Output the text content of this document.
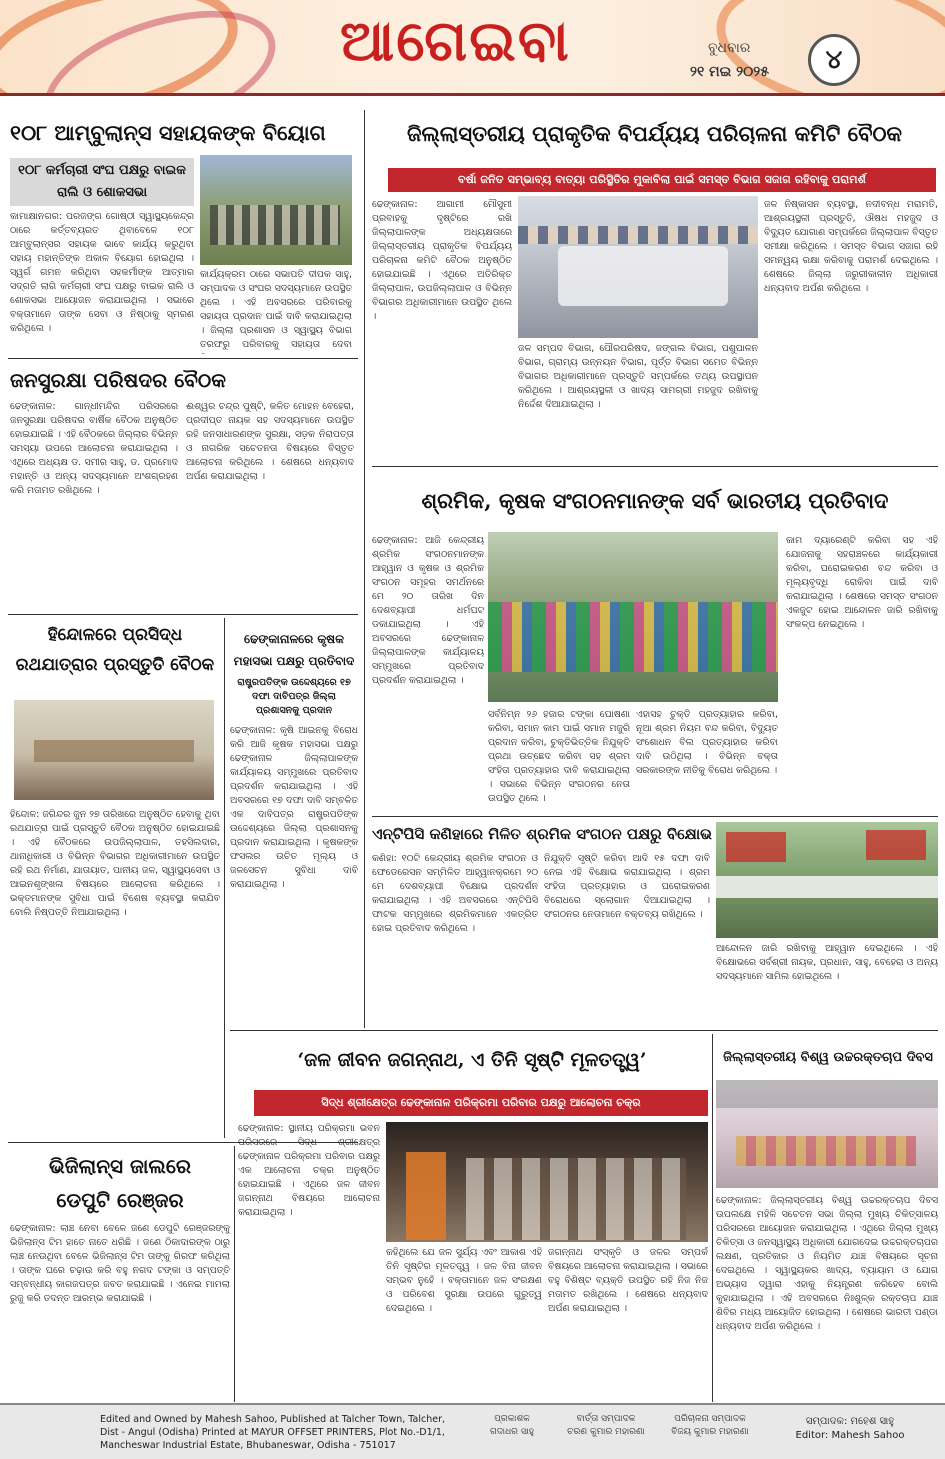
ଆଗେଇବା	ବୁଧବାର
୨୧ ମଇ ୨୦୨୫	୪
୧୦୮ ଆମ୍ବୁଲାନ୍ସ ସହାୟକଙ୍କ ବିୟୋଗ
୧୦୮ କର୍ମଚାରୀ ସଂଘ ପକ୍ଷରୁ ବାଇକ ରାଲି ଓ ଶୋକସଭା
କାମାକ୍ଷାନଗର: ପରଜଙ୍ଗ ଗୋଷ୍ଠୀ ସ୍ୱାସ୍ଥ୍ୟକେନ୍ଦ୍ର ଠାରେ କର୍ତ୍ତବ୍ୟରତ ଥିବାବେଳେ ୧୦୮ ଆମ୍ବୁଲାନ୍ସର ସହାୟକ ଭାବେ କାର୍ଯ୍ୟ କରୁଥିବା ସହାୟ ମହାନ୍ତିଙ୍କ ଅକାଳ ବିୟୋଗ ହୋଇଥିଲା । ସ୍ୱର୍ଗ ଗମନ କରିଥିବା ସହକର୍ମୀଙ୍କ ଆତ୍ମାର ସଦ୍ଗତି ଲାଗି କର୍ମଚାରୀ ସଂଘ ପକ୍ଷରୁ ବାଇକ ରାଲି ଓ ଶୋକସଭା ଆୟୋଜନ କରାଯାଇଥିଲା । ସଭାରେ ବକ୍ତାମାନେ ତାଙ୍କ ସେବା ଓ ନିଷ୍ଠାକୁ ସ୍ମରଣ କରିଥିଲେ ।
କାର୍ଯ୍ୟକ୍ରମ ଠାରେ ସଭାପତି ଦୀପକ ସାହୁ, ସମ୍ପାଦକ ଓ ସଂଘର ସଦସ୍ୟମାନେ ଉପସ୍ଥିତ ଥିଲେ । ଏହି ଅବସରରେ ପରିବାରକୁ ସହାୟତା ପ୍ରଦାନ ପାଇଁ ଦାବି କରାଯାଇଥିଲା । ଜିଲ୍ଲା ପ୍ରଶାସନ ଓ ସ୍ୱାସ୍ଥ୍ୟ ବିଭାଗ ତରଫରୁ ପରିବାରକୁ ସହାୟତା ଦେବା
ଜନସୁରକ୍ଷା ପରିଷଦର ବୈଠକ
ଢେଙ୍କାନାଳ: ଗାନ୍ଧୀମନ୍ଦିର ପରିସରରେ ଜନସୁରକ୍ଷା ପରିଷଦର ବାର୍ଷିକ ବୈଠକ ଅନୁଷ୍ଠିତ ହୋଇଯାଇଛି । ଏହି ବୈଠକରେ ଜିଲ୍ଲାର ବିଭିନ୍ନ ସମସ୍ୟା ଉପରେ ଆଲୋଚନା କରାଯାଇଥିଲା । ଏଥିରେ ଅଧ୍ୟକ୍ଷ ଡ. ସମୀର ସାହୁ, ଡ. ପ୍ରମୋଦ ମହାନ୍ତି ଓ ଅନ୍ୟ ସଦସ୍ୟମାନେ ଅଂଶଗ୍ରହଣ କରି ମତାମତ ରଖିଥିଲେ ।
ଈଶ୍ୱର ଚନ୍ଦ୍ର ପୁଷ୍ଟି, କଳିତ ମୋହନ ବେହେରା, ପ୍ରଦୀପ୍ତ ନାୟକ ସହ ସଦସ୍ୟମାନେ ଉପସ୍ଥିତ ରହି ଜନସାଧାରଣଙ୍କ ସୁରକ୍ଷା, ସଡ଼କ ନିରାପତ୍ତା ଓ ନାଗରିକ ସଚେତନତା ବିଷୟରେ ବିସ୍ତୃତ ଆଲୋଚନା କରିଥିଲେ । ଶେଷରେ ଧନ୍ୟବାଦ ଅର୍ପଣ କରାଯାଇଥିଲା ।
ହିନ୍ଦୋଳରେ ପ୍ରସିଦ୍ଧ
ରଥଯାତ୍ରାର ପ୍ରସ୍ତୁତି ବୈଠକ
ହିନ୍ଦୋଳ: ଜଗିନ୍ଦର ଜୁନ ୨୭ ତାରିଖରେ ଅନୁଷ୍ଠିତ ହେବାକୁ ଥିବା ରଥଯାତ୍ରା ପାଇଁ ପ୍ରସ୍ତୁତି ବୈଠକ ଅନୁଷ୍ଠିତ ହୋଇଯାଇଛି । ଏହି ବୈଠକରେ ଉପଜିଲ୍ଲାପାଳ, ତହସିଲଦାର, ଥାନାଧିକାରୀ ଓ ବିଭିନ୍ନ ବିଭାଗର ଅଧିକାରୀମାନେ ଉପସ୍ଥିତ ରହି ରଥ ନିର୍ମାଣ, ଯାତାୟାତ, ପାନୀୟ ଜଳ, ସ୍ୱାସ୍ଥ୍ୟସେବା ଓ ଆଇନଶୃଙ୍ଖଳା ବିଷୟରେ ଆଲୋଚନା କରିଥିଲେ । ଭକ୍ତମାନଙ୍କ ସୁବିଧା ପାଇଁ ବିଶେଷ ବ୍ୟବସ୍ଥା କରାଯିବ ବୋଲି ନିଷ୍ପତ୍ତି ନିଆଯାଇଥିଲା ।
ଢେଙ୍କାନାଳରେ କୃଷକ
ମହାସଭା ପକ୍ଷରୁ ପ୍ରତିବାଦ
ରାଷ୍ଟ୍ରପତିଙ୍କ ଉଦ୍ଦେଶ୍ୟରେ ୧୭ ଦଫା ଦାବିପତ୍ର ଜିଲ୍ଲା ପ୍ରଶାସନକୁ ପ୍ରଦାନ
ଢେଙ୍କାନାଳ: କୃଷି ଆଇନକୁ ବିରୋଧ କରି ଆଜି କୃଷକ ମହାସଭା ପକ୍ଷରୁ ଢେଙ୍କାନାଳ ଜିଲ୍ଲାପାଳଙ୍କ କାର୍ଯ୍ୟାଳୟ ସମ୍ମୁଖରେ ପ୍ରତିବାଦ ପ୍ରଦର୍ଶନ କରାଯାଇଥିଲା । ଏହି ଅବସରରେ ୧୭ ଦଫା ଦାବି ସମ୍ବଳିତ ଏକ ଦାବିପତ୍ର ରାଷ୍ଟ୍ରପତିଙ୍କ ଉଦ୍ଦେଶ୍ୟରେ ଜିଲ୍ଲା ପ୍ରଶାସନକୁ ପ୍ରଦାନ କରାଯାଇଥିଲା । କୃଷକଙ୍କ ଫସଲର ଉଚିତ ମୂଲ୍ୟ ଓ ଜଳସେଚନ ସୁବିଧା ଦାବି କରାଯାଇଥିଲା ।
ଭିଜିଲାନ୍ସ ଜାଲରେ
ଡେପୁଟି ରେଞ୍ଜର
ଢେଙ୍କାନାଳ: ଲାଞ୍ଚ ନେବା ବେଳେ ଜଣେ ଡେପୁଟି ରେଞ୍ଜରଙ୍କୁ ଭିଜିଲାନ୍ସ ଟିମ ହାତେ ନାତେ ଧରିଛି । ଜଣେ ଠିକାଦାରଙ୍କ ଠାରୁ ଲାଞ୍ଚ ନେଉଥିବା ବେଳେ ଭିଜିଲାନ୍ସ ଟିମ ତାଙ୍କୁ ଗିରଫ କରିଥିଲା । ତାଙ୍କ ଘରେ ଚଢ଼ାଉ କରି ବହୁ ନଗଦ ଟଙ୍କା ଓ ସମ୍ପତ୍ତି ସମ୍ବନ୍ଧୀୟ କାଗଜପତ୍ର ଜବତ କରାଯାଇଛି । ଏନେଇ ମାମଲା ରୁଜୁ କରି ତଦନ୍ତ ଆରମ୍ଭ କରାଯାଇଛି ।
ଜିଲ୍ଲାସ୍ତରୀୟ ପ୍ରାକୃତିକ ବିପର୍ଯ୍ୟୟ ପରିଚାଳନା କମିଟି ବୈଠକ
ବର୍ଷା ଜନିତ ସମ୍ଭାବ୍ୟ ବାତ୍ୟା ପରିସ୍ଥିତିର ମୁକାବିଲା ପାଇଁ ସମସ୍ତ ବିଭାଗ ସଜାଗ ରହିବାକୁ ପରାମର୍ଶ
ଢେଙ୍କାନାଳ: ଆଗାମୀ ମୌସୁମୀ ପ୍ରବାହକୁ ଦୃଷ୍ଟିରେ ରଖି ଜିଲ୍ଲାପାଳଙ୍କ ଅଧ୍ୟକ୍ଷତାରେ ଜିଲ୍ଲାସ୍ତରୀୟ ପ୍ରାକୃତିକ ବିପର୍ଯ୍ୟୟ ପରିଚାଳନା କମିଟି ବୈଠକ ଅନୁଷ୍ଠିତ ହୋଇଯାଇଛି । ଏଥିରେ ଅତିରିକ୍ତ ଜିଲ୍ଲାପାଳ, ଉପଜିଲ୍ଲାପାଳ ଓ ବିଭିନ୍ନ ବିଭାଗର ଅଧିକାରୀମାନେ ଉପସ୍ଥିତ ଥିଲେ ।
ଜଳ ସମ୍ପଦ ବିଭାଗ, ପୌରପରିଷଦ, ଜଙ୍ଗଲ ବିଭାଗ, ପଶୁପାଳନ ବିଭାଗ, ଗ୍ରାମ୍ୟ ଉନ୍ନୟନ ବିଭାଗ, ପୂର୍ତ୍ତ ବିଭାଗ ସମେତ ବିଭିନ୍ନ ବିଭାଗର ଅଧିକାରୀମାନେ ପ୍ରସ୍ତୁତି ସମ୍ପର୍କରେ ତଥ୍ୟ ଉପସ୍ଥାପନ କରିଥିଲେ । ଆଶ୍ରୟସ୍ଥଳୀ ଓ ଖାଦ୍ୟ ସାମଗ୍ରୀ ମହଜୁଦ ରଖିବାକୁ ନିର୍ଦ୍ଦେଶ ଦିଆଯାଇଥିଲା ।
ଜଳ ନିଷ୍କାସନ ବ୍ୟବସ୍ଥା, ନଦୀବନ୍ଧ ମରାମତି, ଆଶ୍ରୟସ୍ଥଳୀ ପ୍ରସ୍ତୁତି, ଔଷଧ ମହଜୁଦ ଓ ବିଦ୍ୟୁତ ଯୋଗାଣ ସମ୍ପର୍କରେ ଜିଲ୍ଲାପାଳ ବିସ୍ତୃତ ସମୀକ୍ଷା କରିଥିଲେ । ସମସ୍ତ ବିଭାଗ ସଜାଗ ରହି ସମନ୍ୱୟ ରକ୍ଷା କରିବାକୁ ପରାମର୍ଶ ଦେଇଥିଲେ । ଶେଷରେ ଜିଲ୍ଲା ଜରୁରୀକାଳୀନ ଅଧିକାରୀ ଧନ୍ୟବାଦ ଅର୍ପଣ କରିଥିଲେ ।
ଶ୍ରମିକ, କୃଷକ ସଂଗଠନମାନଙ୍କ ସର୍ବ ଭାରତୀୟ ପ୍ରତିବାଦ
ଢେଙ୍କାନାଳ: ଆଜି କେନ୍ଦ୍ରୀୟ ଶ୍ରମିକ ସଂଗଠନମାନଙ୍କ ଆହ୍ୱାନ ଓ କୃଷକ ଓ ଶ୍ରମିକ ସଂଗଠନ ସମୂହର ସମର୍ଥନରେ ମେ ୨୦ ତାରିଖ ଦିନ ଦେଶବ୍ୟାପୀ ଧର୍ମଘଟ ଡକାଯାଇଥିଲା । ଏହି ଅବସରରେ ଢେଙ୍କାନାଳ ଜିଲ୍ଲାପାଳଙ୍କ କାର୍ଯ୍ୟାଳୟ ସମ୍ମୁଖରେ ପ୍ରତିବାଦ ପ୍ରଦର୍ଶନ କରାଯାଇଥିଲା ।
ସର୍ବନିମ୍ନ ୨୬ ହଜାର ଟଙ୍କା ଘୋଷଣା କରିବା, ସମାନ କାମ ପାଇଁ ସମାନ ମଜୁରି ପ୍ରଦାନ କରିବା, ଚୁକ୍ତିଭିତ୍ତିକ ନିଯୁକ୍ତି ପ୍ରଥା ଉଚ୍ଛେଦ କରିବା ସହ ଶ୍ରମ ସଂହିତା ପ୍ରତ୍ୟାହାର ଦାବି କରାଯାଇଥିଲା । ସଭାରେ ବିଭିନ୍ନ ସଂଗଠନର ନେତା ଉପସ୍ଥିତ ଥିଲେ ।
ଏହାସହ ଚୁକ୍ତି ପ୍ରତ୍ୟାହାର କରିବା, ନୂଆ ଶ୍ରମ ନିୟମ ବନ୍ଦ କରିବା, ବିଦ୍ୟୁତ ସଂଶୋଧନ ବିଲ ପ୍ରତ୍ୟାହାର କରିବା ଦାବି ଉଠିଥିଲା । ବିଭିନ୍ନ ବକ୍ତା ସରକାରଙ୍କ ନୀତିକୁ ବିରୋଧ କରିଥିଲେ ।
କାମ ଦ୍ୟାରେଣ୍ଟି କରିବା ସହ ଏହି ଯୋଜନାକୁ ସହରାଞ୍ଚଳରେ କାର୍ଯ୍ୟକାରୀ କରିବା, ଘରୋଇକରଣ ବନ୍ଦ କରିବା ଓ ମୂଲ୍ୟବୃଦ୍ଧି ରୋକିବା ପାଇଁ ଦାବି କରାଯାଇଥିଲା । ଶେଷରେ ସମସ୍ତ ସଂଗଠନ ଏକଜୁଟ ହୋଇ ଆନ୍ଦୋଳନ ଜାରି ରଖିବାକୁ ସଂକଳ୍ପ ନେଇଥିଲେ ।
ଏନ୍‌ଟିପିସି କଣିହାରେ ମିଳିତ ଶ୍ରମିକ ସଂଗଠନ ପକ୍ଷରୁ ବିକ୍ଷୋଭ
କଣିହା: ୧୦ଟି କେନ୍ଦ୍ରୀୟ ଶ୍ରମିକ ସଂଗଠନ ଓ ଫେଡେରେସନ ସମ୍ମିଳିତ ଆହ୍ୱାନକ୍ରମେ ୨୦ ମେ ଦେଶବ୍ୟାପୀ ବିକ୍ଷୋଭ ପ୍ରଦର୍ଶନ କରାଯାଇଥିଲା । ଏହି ଅବସରରେ ଏନ୍‌ଟିପିସି ଫାଟକ ସମ୍ମୁଖରେ ଶ୍ରମିକମାନେ ଏକତ୍ରିତ ହୋଇ ପ୍ରତିବାଦ କରିଥିଲେ ।
ନିଯୁକ୍ତି ସୃଷ୍ଟି କରିବା ଆଦି ୧୫ ଦଫା ଦାବି ନେଇ ଏହି ବିକ୍ଷୋଭ କରାଯାଇଥିଲା । ଶ୍ରମ ସଂହିତା ପ୍ରତ୍ୟାହାର ଓ ଘରୋଇକରଣ ବିରୋଧରେ ସ୍ଲୋଗାନ ଦିଆଯାଇଥିଲା । ସଂଗଠନର ନେତାମାନେ ବକ୍ତବ୍ୟ ରଖିଥିଲେ ।
ଆନ୍ଦୋଳନ ଜାରି ରଖିବାକୁ ଆହ୍ୱାନ ଦେଇଥିଲେ । ଏହି ବିକ୍ଷୋଭରେ ସର୍ବଶ୍ରୀ ନାୟକ, ପ୍ରଧାନ, ସାହୁ, ବେହେରା ଓ ଅନ୍ୟ ସଦସ୍ୟମାନେ ସାମିଲ ହୋଇଥିଲେ ।
‘ଜଳ ଜୀବନ ଜଗନ୍ନାଥ, ଏ ତିନି ସୃଷ୍ଟି ମୂଳତତ୍ତ୍ୱ’
ସିଦ୍ଧ ଶ୍ରୀକ୍ଷେତ୍ର ଢେଙ୍କାନାଳ ପରିକ୍ରମା ପରିବାର ପକ୍ଷରୁ ଆଲୋଚନା ଚକ୍ର
ଢେଙ୍କାନାଳ: ସ୍ଥାନୀୟ ପରିକ୍ରମା ଭବନ ପରିସରରେ ସିଦ୍ଧ ଶ୍ରୀକ୍ଷେତ୍ର ଢେଙ୍କାନାଳ ପରିକ୍ରମା ପରିବାର ପକ୍ଷରୁ ଏକ ଆଲୋଚନା ଚକ୍ର ଅନୁଷ୍ଠିତ ହୋଇଯାଇଛି । ଏଥିରେ ଜଳ ଜୀବନ ଜଗନ୍ନାଥ ବିଷୟରେ ଆଲୋଚନା କରାଯାଇଥିଲା ।
କହିଥିଲେ ଯେ ଜଳ ସୁର୍ଯ୍ୟ ଏବଂ ଆକାଶ ଏହି ତିନି ସୃଷ୍ଟିର ମୂଳତତ୍ତ୍ୱ । ଜଳ ବିନା ଜୀବନ ସମ୍ଭବ ନୁହେଁ । ବକ୍ତାମାନେ ଜଳ ସଂରକ୍ଷଣ ଓ ପରିବେଶ ସୁରକ୍ଷା ଉପରେ ଗୁରୁତ୍ୱ ଦେଇଥିଲେ ।
ଜଗନ୍ନାଥ ସଂସ୍କୃତି ଓ ଜଳର ସମ୍ପର୍କ ବିଷୟରେ ଆଲୋଚନା କରାଯାଇଥିଲା । ସଭାରେ ବହୁ ବିଶିଷ୍ଟ ବ୍ୟକ୍ତି ଉପସ୍ଥିତ ରହି ନିଜ ନିଜ ମତାମତ ରଖିଥିଲେ । ଶେଷରେ ଧନ୍ୟବାଦ ଅର୍ପଣ କରାଯାଇଥିଲା ।
ଜିଲ୍ଲାସ୍ତରୀୟ ବିଶ୍ୱ ଉଚ୍ଚରକ୍ତଚାପ ଦିବସ
ଢେଙ୍କାନାଳ: ଜିଲ୍ଲାସ୍ତରୀୟ ବିଶ୍ୱ ଉଚ୍ଚରକ୍ତଚାପ ଦିବସ ଉପଲକ୍ଷେ ମହିଳି ସଚେତନ ସଭା ଜିଲ୍ଲା ମୁଖ୍ୟ ଚିକିତ୍ସାଳୟ ପରିସରରେ ଆୟୋଜନ କରାଯାଇଥିଲା । ଏଥିରେ ଜିଲ୍ଲା ମୁଖ୍ୟ ଚିକିତ୍ସା ଓ ଜନସ୍ୱାସ୍ଥ୍ୟ ଅଧିକାରୀ ଯୋଗଦେଇ ଉଚ୍ଚରକ୍ତଚାପର ଲକ୍ଷଣ, ପ୍ରତିକାର ଓ ନିୟମିତ ଯାଞ୍ଚ ବିଷୟରେ ସୂଚନା ଦେଇଥିଲେ । ସ୍ୱାସ୍ଥ୍ୟକର ଖାଦ୍ୟ, ବ୍ୟାୟାମ ଓ ଯୋଗ ଅଭ୍ୟାସ ଦ୍ୱାରା ଏହାକୁ ନିୟନ୍ତ୍ରଣ କରିହେବ ବୋଲି କୁହାଯାଇଥିଲା । ଏହି ଅବସରରେ ନିଃଶୁଳ୍କ ରକ୍ତଚାପ ଯାଞ୍ଚ ଶିବିର ମଧ୍ୟ ଆୟୋଜିତ ହୋଇଥିଲା । ଶେଷରେ ଭାରତୀ ପଣ୍ଡା ଧନ୍ୟବାଦ ଅର୍ପଣ କରିଥିଲେ ।
Edited and Owned by Mahesh Sahoo, Published at Talcher Town, Talcher,
Dist - Angul (Odisha) Printed at MAYUR OFFSET PRINTERS, Plot No.-D1/1,
Mancheswar Industrial Estate, Bhubaneswar, Odisha - 751017
ପ୍ରକାଶକ
ଗଦାଧର ସାହୁ
ବାର୍ତ୍ତା ସମ୍ପାଦକ
ଚରଣ କୁମାର ମହାରଣା
ପରିଚାଳନା ସମ୍ପାଦକ
ବିଜୟ କୁମାର ମହାରଣା
ସମ୍ପାଦକ: ମହେଶ ସାହୁ
Editor: Mahesh Sahoo
